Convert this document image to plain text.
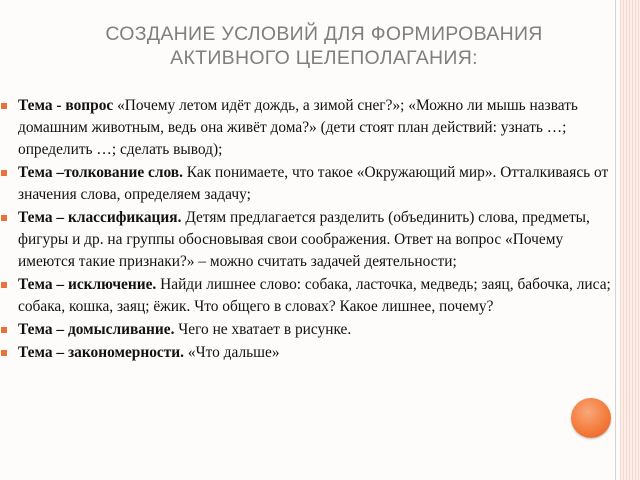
СОЗДАНИЕ УСЛОВИЙ ДЛЯ ФОРМИРОВАНИЯ АКТИВНОГО ЦЕЛЕПОЛАГАНИЯ:
Тема - вопрос «Почему летом идёт дождь, а зимой снег?»; «Можно ли мышь назвать домашним животным, ведь она живёт дома?» (дети стоят план действий: узнать …; определить …; сделать вывод);
Тема –толкование слов. Как понимаете, что такое «Окружающий мир». Отталкиваясь от значения слова, определяем задачу;
Тема – классификация. Детям предлагается разделить (объединить) слова, предметы, фигуры и др. на группы обосновывая свои соображения. Ответ на вопрос «Почему имеются такие признаки?» – можно считать задачей деятельности;
Тема – исключение. Найди лишнее слово: собака, ласточка, медведь; заяц, бабочка, лиса; собака, кошка, заяц; ёжик. Что общего в словах? Какое лишнее, почему?
Тема – домысливание. Чего не хватает в рисунке.
Тема – закономерности. «Что дальше»
